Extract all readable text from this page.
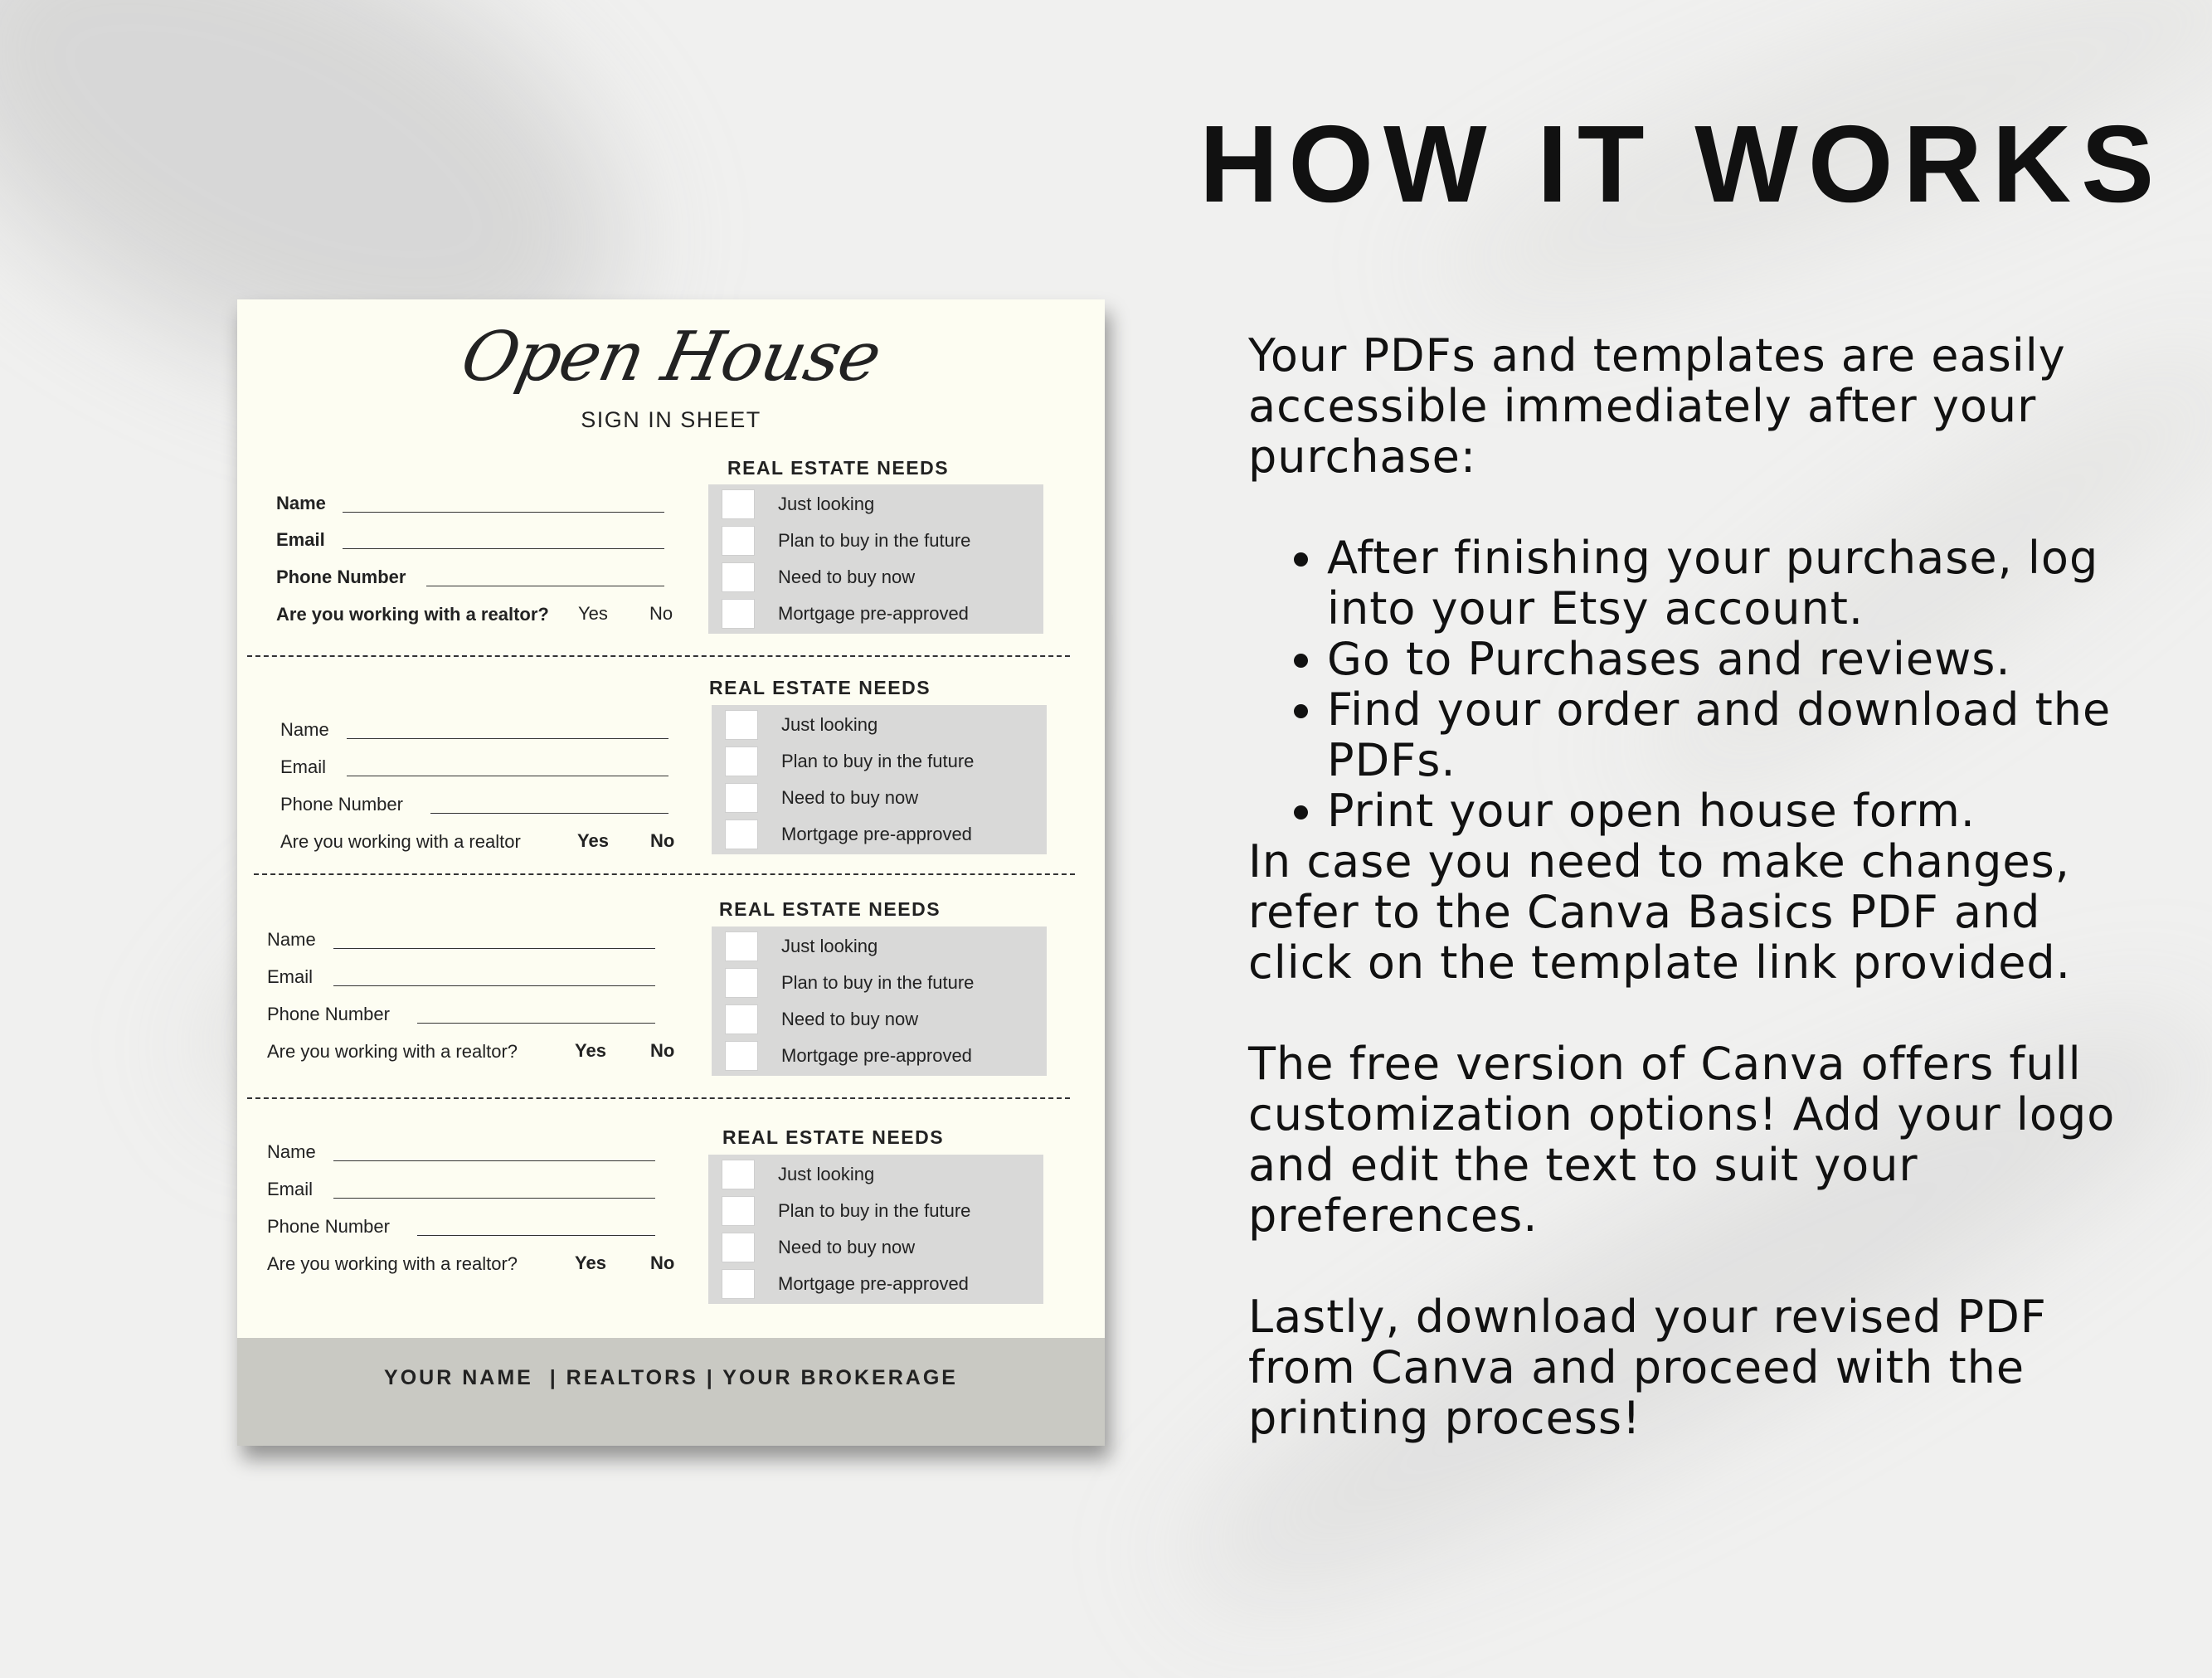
HOW IT WORKS

Your PDFs and templates are easily accessible immediately after your purchase:

• After finishing your purchase, log into your Etsy account.
• Go to Purchases and reviews.
• Find your order and download the PDFs.
• Print your open house form.

In case you need to make changes, refer to the Canva Basics PDF and click on the template link provided.

The free version of Canva offers full customization options! Add your logo and edit the text to suit your preferences.

Lastly, download your revised PDF from Canva and proceed with the printing process!

Open House
SIGN IN SHEET
REAL ESTATE NEEDS
Just looking
Plan to buy in the future
Need to buy now
Mortgage pre-approved
Name
Email
Phone Number
Are you working with a realtor? Yes No
REAL ESTATE NEEDS
Just looking
Plan to buy in the future
Need to buy now
Mortgage pre-approved
Name
Email
Phone Number
Are you working with a realtor	Yes No
REAL ESTATE NEEDS
Just looking
Plan to buy in the future
Need to buy now
Mortgage pre-approved
Name
Email
Phone Number
Are you working with a realtor?	Yes No
REAL ESTATE NEEDS
Just looking
Plan to buy in the future
Need to buy now
Mortgage pre-approved
Name
Email
Phone Number
Are you working with a realtor?	Yes No
YOUR NAME  | REALTORS | YOUR BROKERAGE
